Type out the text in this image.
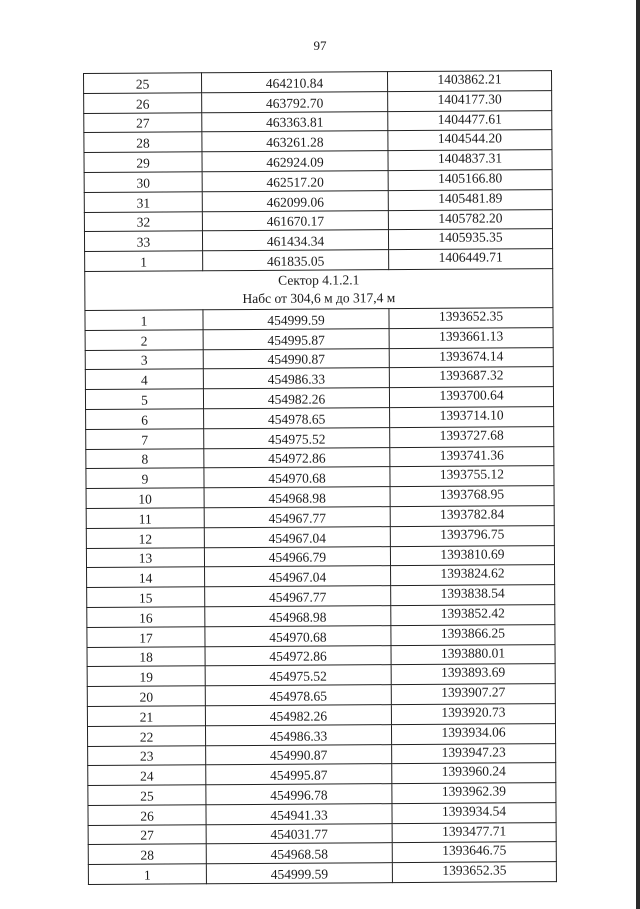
97
25	464210.84	1403862.21
26	463792.70	1404177.30
27	463363.81	1404477.61
28	463261.28	1404544.20
29	462924.09	1404837.31
30	462517.20	1405166.80
31	462099.06	1405481.89
32	461670.17	1405782.20
33	461434.34	1405935.35
1	461835.05	1406449.71

Сектор 4.1.2.1
Набс от 304,6 м до 317,4 м		

1	454999.59	1393652.35
2	454995.87	1393661.13
3	454990.87	1393674.14
4	454986.33	1393687.32
5	454982.26	1393700.64
6	454978.65	1393714.10
7	454975.52	1393727.68
8	454972.86	1393741.36
9	454970.68	1393755.12
10	454968.98	1393768.95
11	454967.77	1393782.84
12	454967.04	1393796.75
13	454966.79	1393810.69
14	454967.04	1393824.62
15	454967.77	1393838.54
16	454968.98	1393852.42
17	454970.68	1393866.25
18	454972.86	1393880.01
19	454975.52	1393893.69
20	454978.65	1393907.27
21	454982.26	1393920.73
22	454986.33	1393934.06
23	454990.87	1393947.23
24	454995.87	1393960.24
25	454996.78	1393962.39
26	454941.33	1393934.54
27	454031.77	1393477.71
28	454968.58	1393646.75
1	454999.59	1393652.35
